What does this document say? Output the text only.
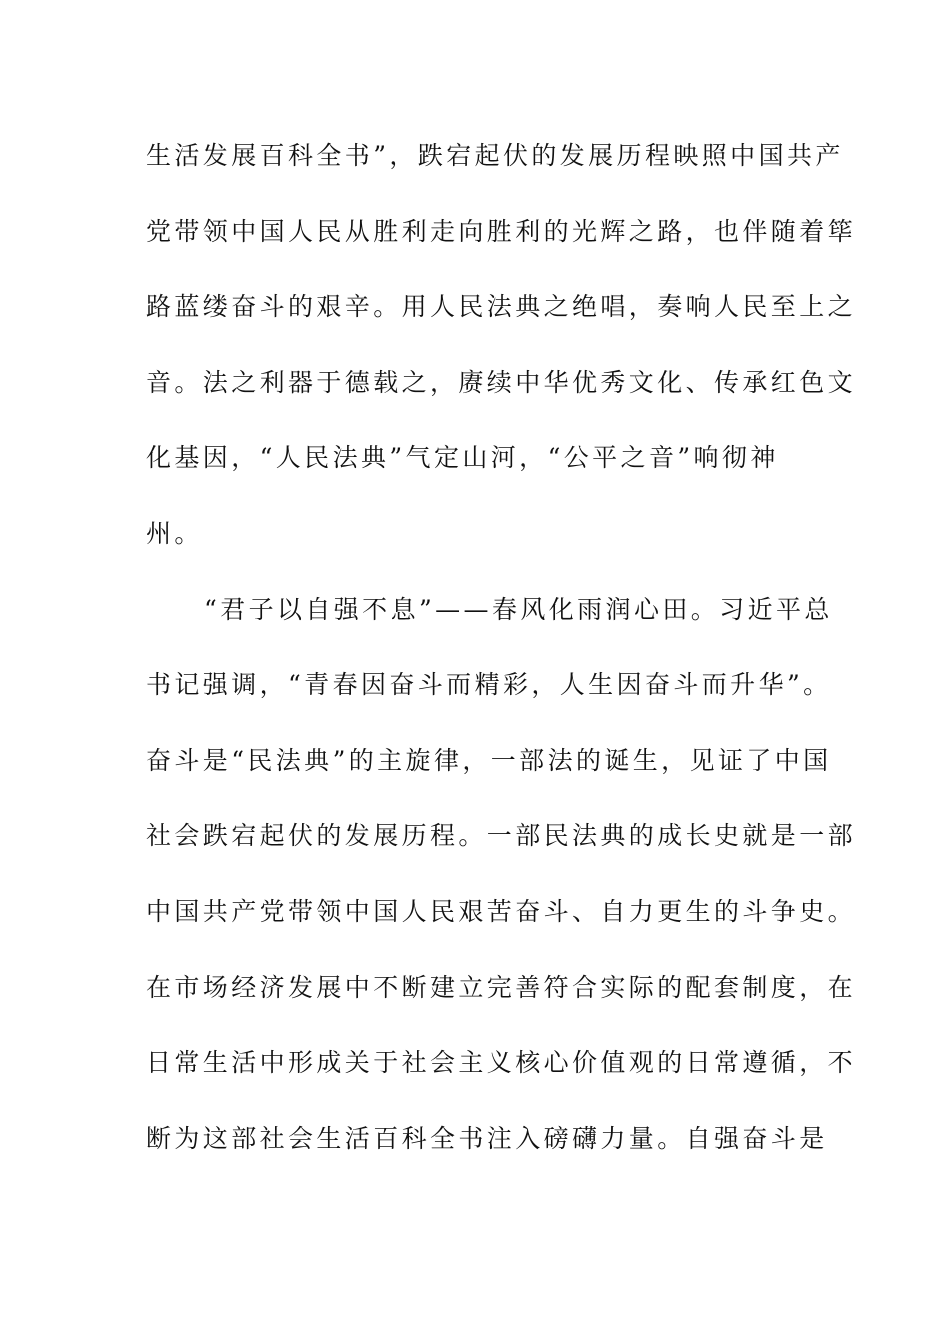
生活发展百科全书”，跌宕起伏的发展历程映照中国共产
党带领中国人民从胜利走向胜利的光辉之路，也伴随着筚
路蓝缕奋斗的艰辛。用人民法典之绝唱，奏响人民至上之
音。法之利器于德载之，赓续中华优秀文化、传承红色文
化基因，“人民法典”气定山河，“公平之音”响彻神
州。
“君子以自强不息”——春风化雨润心田。习近平总
书记强调，“青春因奋斗而精彩，人生因奋斗而升华”。
奋斗是“民法典”的主旋律，一部法的诞生，见证了中国
社会跌宕起伏的发展历程。一部民法典的成长史就是一部
中国共产党带领中国人民艰苦奋斗、自力更生的斗争史。
在市场经济发展中不断建立完善符合实际的配套制度，在
日常生活中形成关于社会主义核心价值观的日常遵循，不
断为这部社会生活百科全书注入磅礴力量。自强奋斗是
